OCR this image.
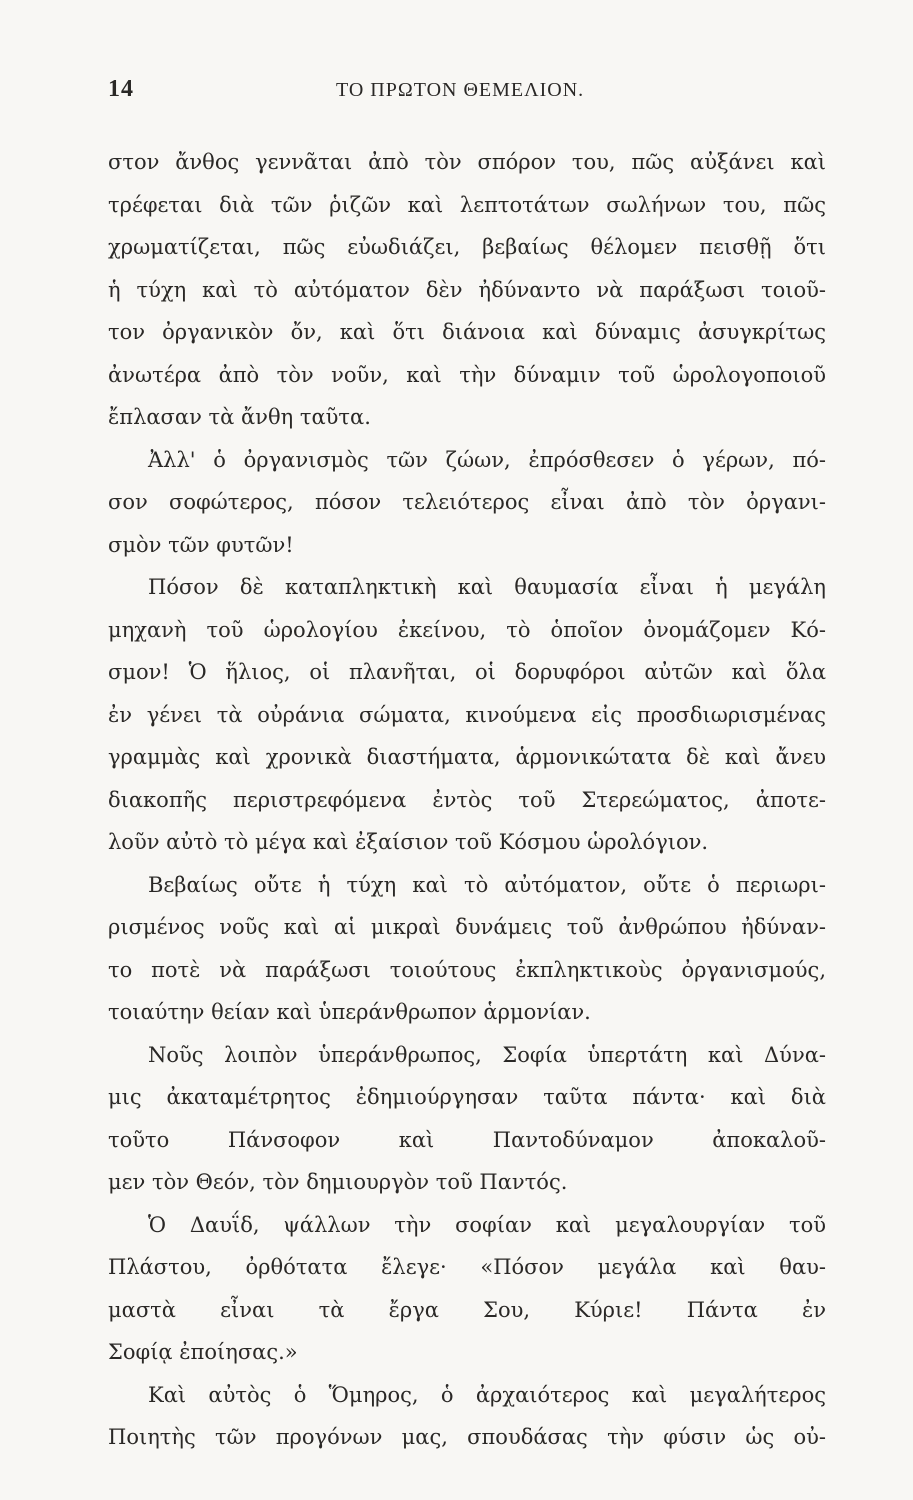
14	ΤΟ ΠΡΩΤΟΝ ΘΕΜΕΛΙΟΝ.
στον ἄνθος γεννᾶται ἀπὸ τὸν σπόρον του, πῶς αὐξάνει καὶ
τρέφεται διὰ τῶν ῥιζῶν καὶ λεπτοτάτων σωλήνων του, πῶς
χρωματίζεται, πῶς εὐωδιάζει, βεβαίως θέλομεν πεισθῇ ὅτι
ἡ τύχη καὶ τὸ αὐτόματον δὲν ἠδύναντο νὰ παράξωσι τοιοῦ-
τον ὀργανικὸν ὄν, καὶ ὅτι διάνοια καὶ δύναμις ἀσυγκρίτως
ἀνωτέρα ἀπὸ τὸν νοῦν, καὶ τὴν δύναμιν τοῦ ὡρολογοποιοῦ
ἔπλασαν τὰ ἄνθη ταῦτα.
Ἀλλ' ὁ ὀργανισμὸς τῶν ζώων, ἐπρόσθεσεν ὁ γέρων, πό-
σον σοφώτερος, πόσον τελειότερος εἶναι ἀπὸ τὸν ὀργανι-
σμὸν τῶν φυτῶν!
Πόσον δὲ καταπληκτικὴ καὶ θαυμασία εἶναι ἡ μεγάλη
μηχανὴ τοῦ ὡρολογίου ἐκείνου, τὸ ὁποῖον ὀνομάζομεν Κό-
σμον! Ὁ ἥλιος, οἱ πλανῆται, οἱ δορυφόροι αὐτῶν καὶ ὅλα
ἐν γένει τὰ οὐράνια σώματα, κινούμενα εἰς προσδιωρισμένας
γραμμὰς καὶ χρονικὰ διαστήματα, ἁρμονικώτατα δὲ καὶ ἄνευ
διακοπῆς περιστρεφόμενα ἐντὸς τοῦ Στερεώματος, ἀποτε-
λοῦν αὐτὸ τὸ μέγα καὶ ἐξαίσιον τοῦ Κόσμου ὡρολόγιον.
Βεβαίως οὔτε ἡ τύχη καὶ τὸ αὐτόματον, οὔτε ὁ περιωρι-
ρισμένος νοῦς καὶ αἱ μικραὶ δυνάμεις τοῦ ἀνθρώπου ἠδύναν-
το ποτὲ νὰ παράξωσι τοιούτους ἐκπληκτικοὺς ὀργανισμούς,
τοιαύτην θείαν καὶ ὑπεράνθρωπον ἁρμονίαν.
Νοῦς λοιπὸν ὑπεράνθρωπος, Σοφία ὑπερτάτη καὶ Δύνα-
μις ἀκαταμέτρητος ἐδημιούργησαν ταῦτα πάντα· καὶ διὰ
τοῦτο Πάνσοφον καὶ Παντοδύναμον ἀποκαλοῦ-
μεν τὸν Θεόν, τὸν δημιουργὸν τοῦ Παντός.
Ὁ Δαυΐδ, ψάλλων τὴν σοφίαν καὶ μεγαλουργίαν τοῦ
Πλάστου, ὀρθότατα ἔλεγε· «Πόσον μεγάλα καὶ θαυ-
μαστὰ εἶναι τὰ ἔργα Σου, Κύριε! Πάντα ἐν
Σοφίᾳ ἐποίησας.»
Καὶ αὐτὸς ὁ Ὅμηρος, ὁ ἀρχαιότερος καὶ μεγαλήτερος
Ποιητὴς τῶν προγόνων μας, σπουδάσας τὴν φύσιν ὡς οὐ-
